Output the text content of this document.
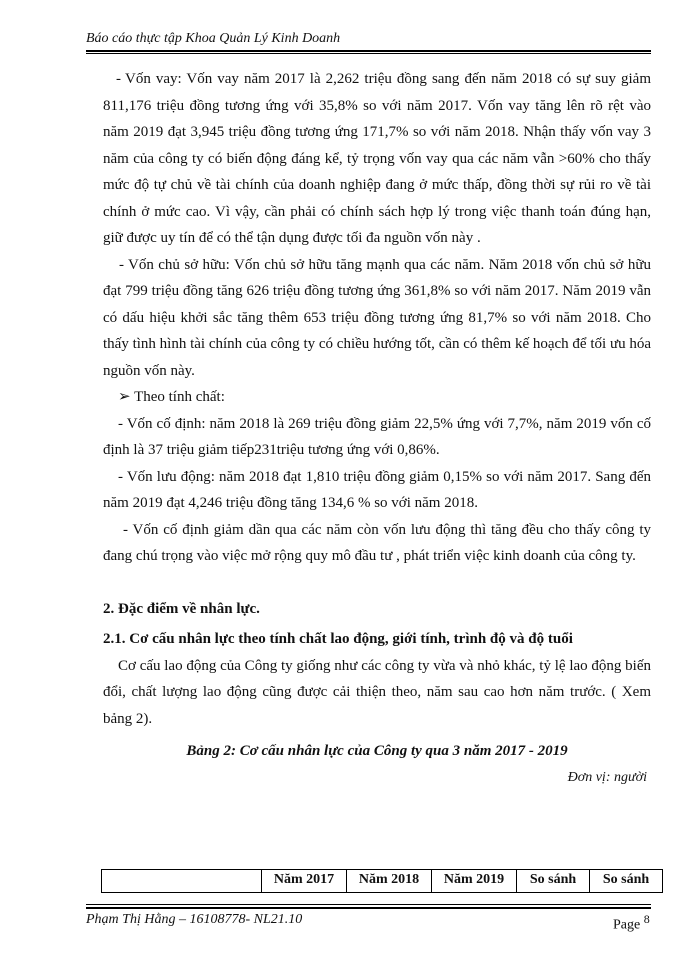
Báo cáo thực tập Khoa Quản Lý Kinh Doanh

- Vốn vay: Vốn vay năm 2017 là 2,262 triệu đồng sang đến năm 2018 có sự suy giảm 811,176 triệu đồng tương ứng với 35,8% so với năm 2017. Vốn vay tăng lên rõ rệt vào năm 2019 đạt 3,945 triệu đồng tương ứng 171,7% so với năm 2018. Nhận thấy vốn vay 3 năm của công ty có biến động đáng kể, tỷ trọng vốn vay qua các năm vẫn >60% cho thấy mức độ tự chủ về tài chính của doanh nghiệp đang ở mức thấp, đồng thời sự rủi ro về tài chính ở mức cao. Vì vậy, cần phải có chính sách hợp lý trong việc thanh toán đúng hạn, giữ được uy tín để có thể tận dụng được tối đa nguồn vốn này .

- Vốn chủ sở hữu: Vốn chủ sở hữu tăng mạnh qua các năm. Năm 2018 vốn chủ sở hữu đạt 799 triệu đồng tăng 626 triệu đồng tương ứng 361,8% so với năm 2017. Năm 2019 vẫn có dấu hiệu khởi sắc tăng thêm 653 triệu đồng tương ứng 81,7% so với năm 2018. Cho thấy tình hình tài chính của công ty có chiều hướng tốt, cần có thêm kế hoạch để tối ưu hóa nguồn vốn này.

➢ Theo tính chất:

- Vốn cố định: năm 2018 là 269 triệu đồng giảm 22,5% ứng với 7,7%, năm 2019 vốn cố định là 37 triệu giảm tiếp231triệu tương ứng với 0,86%.

- Vốn lưu động: năm 2018 đạt 1,810 triệu đồng giảm 0,15% so với năm 2017. Sang đến năm 2019 đạt 4,246 triệu đồng tăng 134,6 % so với năm 2018.

- Vốn cố định giảm dần qua các năm còn vốn lưu động thì tăng đều cho thấy công ty đang chú trọng vào việc mở rộng quy mô đầu tư , phát triển việc kinh doanh của công ty.

2. Đặc điểm về nhân lực.

2.1. Cơ cấu nhân lực theo tính chất lao động, giới tính, trình độ và độ tuổi

Cơ cấu lao động của Công ty giống như các công ty vừa và nhỏ khác, tỷ lệ lao động biến đổi, chất lượng lao động cũng được cải thiện theo, năm sau cao hơn năm trước. ( Xem bảng 2).

Bảng 2: Cơ cấu nhân lực của Công ty qua 3 năm 2017 - 2019

Đơn vị: người

	Năm 2017	Năm 2018	Năm 2019	So sánh	So sánh
Phạm Thị Hằng – 16108778- NL21.10	Page $^8$
